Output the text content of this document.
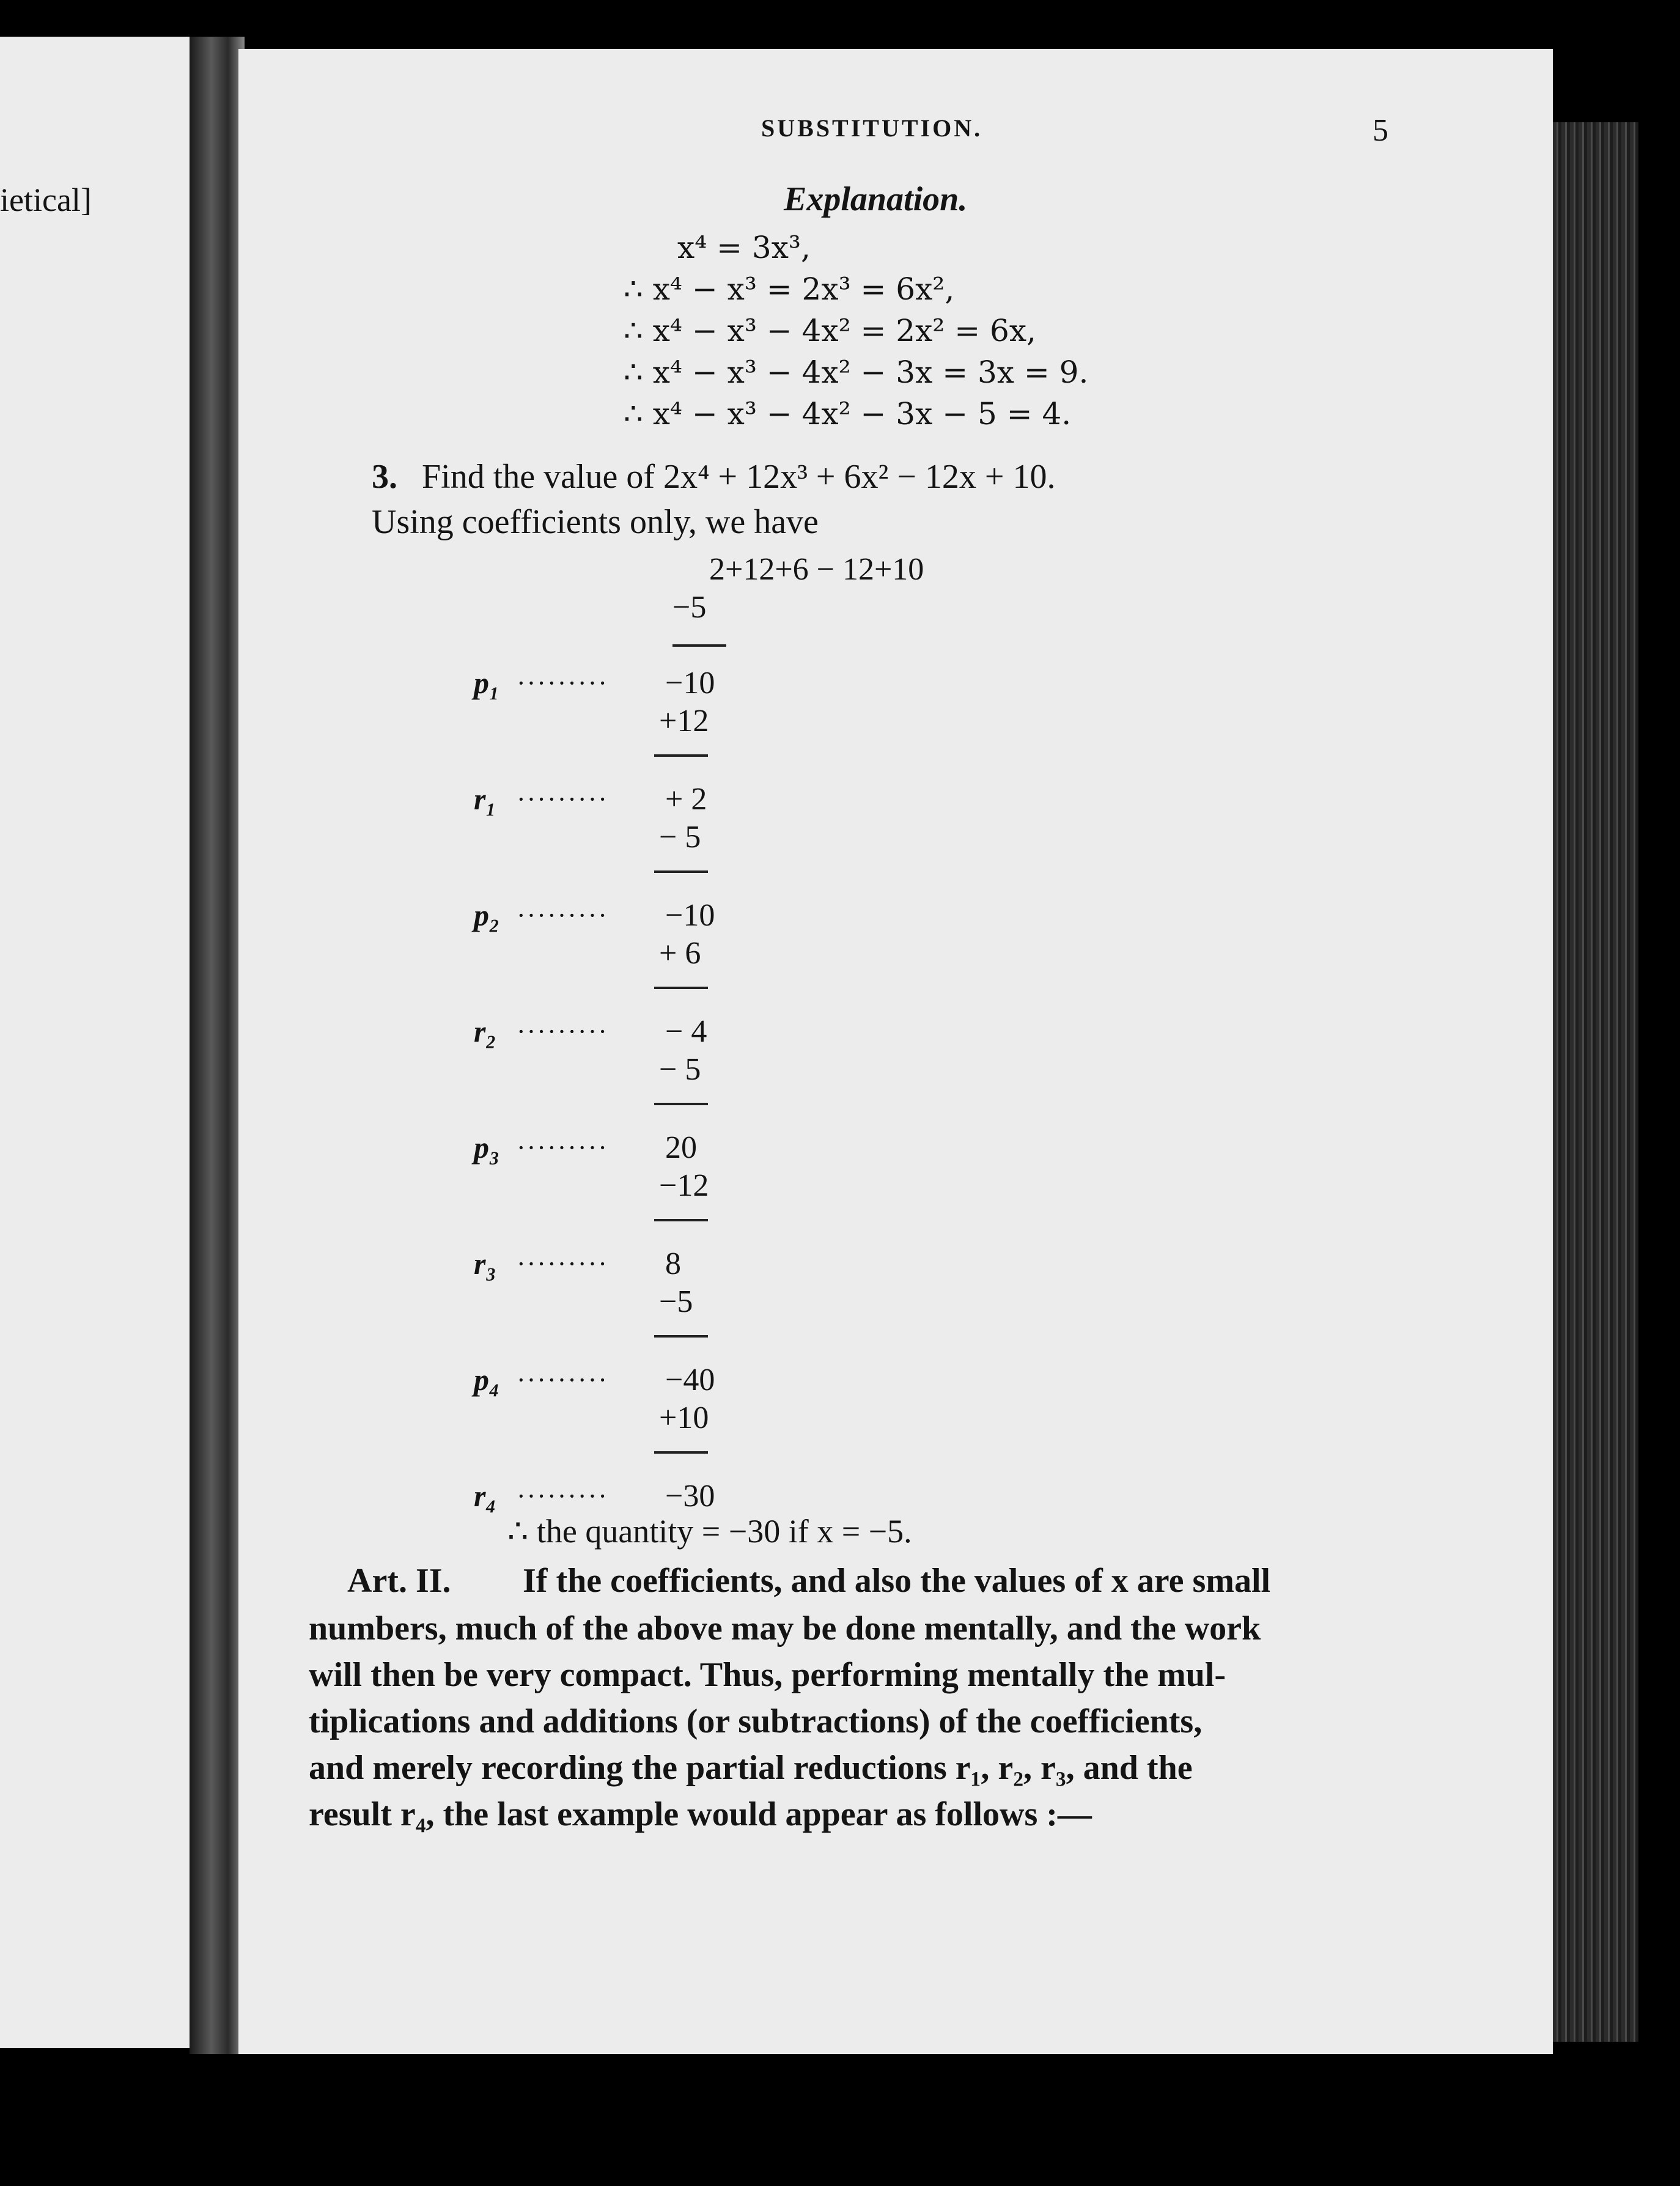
ietical]
SUBSTITUTION.	5
Explanation.
x⁴ = 3x³,
∴ x⁴ − x³ = 2x³ = 6x²,
∴ x⁴ − x³ − 4x² = 2x² = 6x,
∴ x⁴ − x³ − 4x² − 3x = 3x = 9.
∴ x⁴ − x³ − 4x² − 3x − 5 = 4.
3. Find the value of 2x⁴ + 12x³ + 6x² − 12x + 10.
Using coefficients only, we have
2+12+6 − 12+10
−5
p₁ ········· −10
+12
r₁ ········· + 2
− 5
p₂ ········· −10
+ 6
r₂ ········· − 4
− 5
p₃ ········· 20
−12
r₃ ········· 8
−5
p₄ ········· −40
+10
r₄ ········· −30
∴ the quantity = −30 if x = −5.
Art. II. If the coefficients, and also the values of x are small
numbers, much of the above may be done mentally, and the work
will then be very compact. Thus, performing mentally the mul-
tiplications and additions (or subtractions) of the coefficients,
and merely recording the partial reductions r₁, r₂, r₃, and the
result r₄, the last example would appear as follows :—
